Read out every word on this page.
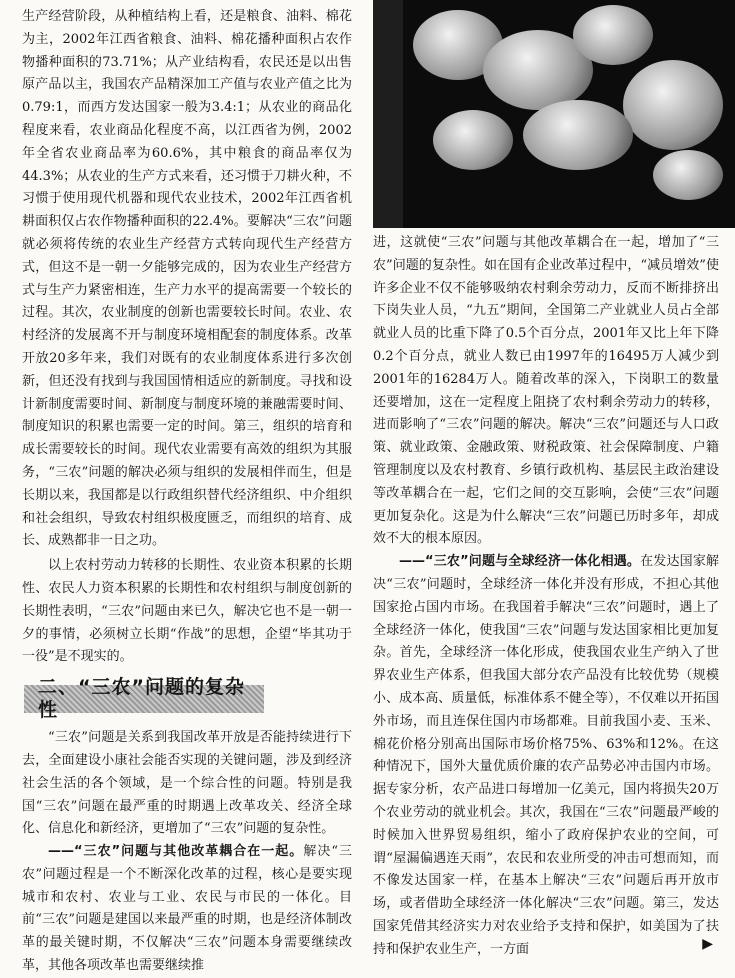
生产经营阶段，从种植结构上看，还是粮食、油料、棉花为主，2002年江西省粮食、油料、棉花播种面积占农作物播种面积的73.71%；从产业结构看，农民还是以出售原产品以主，我国农产品精深加工产值与农业产值之比为0.79:1，而西方发达国家一般为3.4:1；从农业的商品化程度来看，农业商品化程度不高，以江西省为例，2002年全省农业商品率为60.6%，其中粮食的商品率仅为44.3%；从农业的生产方式来看，还习惯于刀耕火种，不习惯于使用现代机器和现代农业技术，2002年江西省机耕面积仅占农作物播种面积的22.4%。要解决“三农”问题就必须将传统的农业生产经营方式转向现代生产经营方式，但这不是一朝一夕能够完成的，因为农业生产经营方式与生产力紧密相连，生产力水平的提高需要一个较长的过程。其次，农业制度的创新也需要较长时间。农业、农村经济的发展离不开与制度环境相配套的制度体系。改革开放20多年来，我们对既有的农业制度体系进行多次创新，但还没有找到与我国国情相适应的新制度。寻找和设计新制度需要时间、新制度与制度环境的兼融需要时间、制度知识的积累也需要一定的时间。第三，组织的培育和成长需要较长的时间。现代农业需要有高效的组织为其服务，“三农”问题的解决必须与组织的发展相伴而生，但是长期以来，我国都是以行政组织替代经济组织、中介组织和社会组织，导致农村组织极度匮乏，而组织的培育、成长、成熟都非一日之功。

以上农村劳动力转移的长期性、农业资本积累的长期性、农民人力资本积累的长期性和农村组织与制度创新的长期性表明，“三农”问题由来已久，解决它也不是一朝一夕的事情，必须树立长期“作战”的思想，企望“毕其功于一役”是不现实的。

二、“三农”问题的复杂性

“三农”问题是关系到我国改革开放是否能持续进行下去，全面建设小康社会能否实现的关键问题，涉及到经济社会生活的各个领域，是一个综合性的问题。特别是我国“三农”问题在最严重的时期遇上改革攻关、经济全球化、信息化和新经济，更增加了“三农”问题的复杂性。

——“三农”问题与其他改革耦合在一起。解决“三农”问题过程是一个不断深化改革的过程，核心是要实现城市和农村、农业与工业、农民与市民的一体化。目前“三农”问题是建国以来最严重的时期，也是经济体制改革的最关键时期，不仅解决“三农”问题本身需要继续改革，其他各项改革也需要继续推

进，这就使“三农”问题与其他改革耦合在一起，增加了“三农”问题的复杂性。如在国有企业改革过程中，“减员增效”使许多企业不仅不能够吸纳农村剩余劳动力，反而不断排挤出下岗失业人员，“九五”期间，全国第二产业就业人员占全部就业人员的比重下降了0.5个百分点，2001年又比上年下降0.2个百分点，就业人数已由1997年的16495万人减少到2001年的16284万人。随着改革的深入，下岗职工的数量还要增加，这在一定程度上阻挠了农村剩余劳动力的转移，进而影响了“三农”问题的解决。解决“三农”问题还与人口政策、就业政策、金融政策、财税政策、社会保障制度、户籍管理制度以及农村教育、乡镇行政机构、基层民主政治建设等改革耦合在一起，它们之间的交互影响，会使“三农”问题更加复杂化。这是为什么解决“三农”问题已历时多年，却成效不大的根本原因。

——“三农”问题与全球经济一体化相遇。在发达国家解决“三农”问题时，全球经济一体化并没有形成，不担心其他国家抢占国内市场。在我国着手解决“三农”问题时，遇上了全球经济一体化，使我国“三农”问题与发达国家相比更加复杂。首先，全球经济一体化形成，使我国农业生产纳入了世界农业生产体系，但我国大部分农产品没有比较优势（规模小、成本高、质量低，标准体系不健全等），不仅难以开拓国外市场，而且连保住国内市场都难。目前我国小麦、玉米、棉花价格分别高出国际市场价格75%、63%和12%。在这种情况下，国外大量优质价廉的农产品势必冲击国内市场。据专家分析，农产品进口每增加一亿美元，国内将损失20万个农业劳动的就业机会。其次，我国在“三农”问题最严峻的时候加入世界贸易组织，缩小了政府保护农业的空间，可谓“屋漏偏遇连天雨”，农民和农业所受的冲击可想而知，而不像发达国家一样，在基本上解决“三农”问题后再开放市场，或者借助全球经济一体化解决“三农”问题。第三，发达国家凭借其经济实力对农业给予支持和保护，如美国为了扶持和保护农业生产，一方面	▶
